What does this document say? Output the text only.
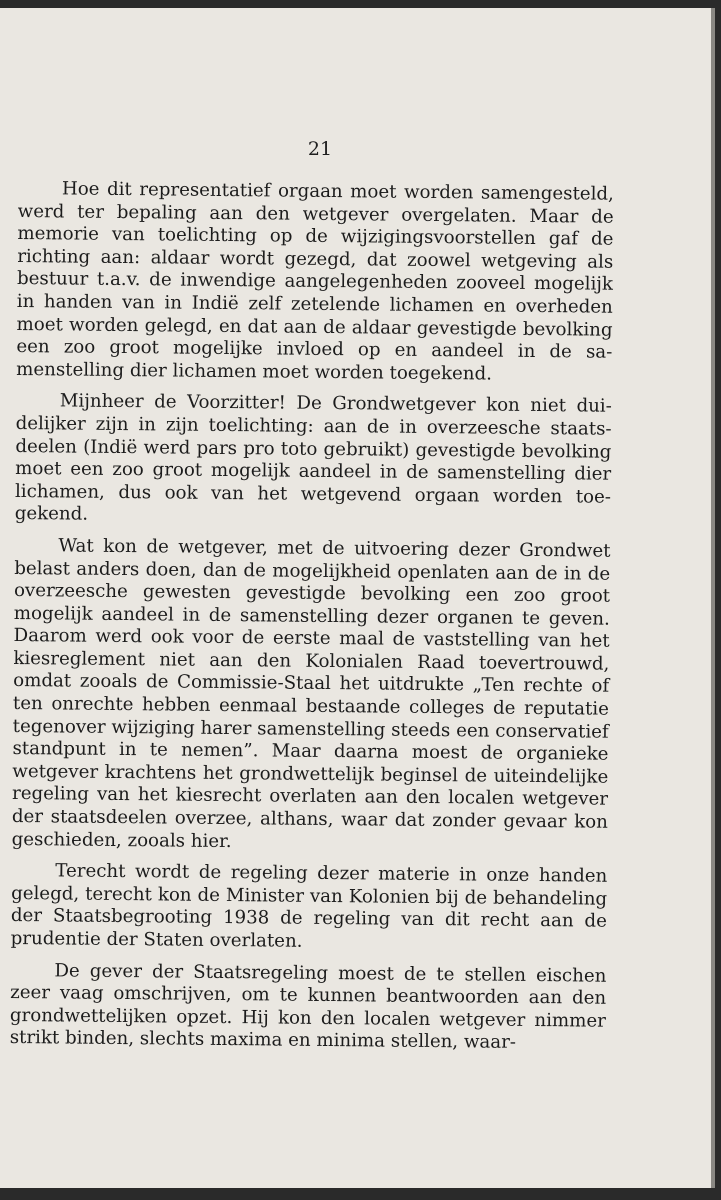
21

Hoe dit representatief orgaan moet worden samengesteld, werd ter bepaling aan den wetgever overgelaten. Maar de memorie van toelichting op de wijzigingsvoorstellen gaf de richting aan: aldaar wordt gezegd, dat zoowel wetgeving als bestuur t.a.v. de inwendige aangelegenheden zooveel mogelijk in handen van in Indië zelf zetelende lichamen en overheden moet worden gelegd, en dat aan de aldaar gevestigde bevolking een zoo groot mogelijke invloed op en aandeel in de samenstelling dier lichamen moet worden toegekend.

Mijnheer de Voorzitter! De Grondwetgever kon niet duidelijker zijn in zijn toelichting: aan de in overzeesche staatsdeelen (Indië werd pars pro toto gebruikt) gevestigde bevolking moet een zoo groot mogelijk aandeel in de samenstelling dier lichamen, dus ook van het wetgevend orgaan worden toegekend.

Wat kon de wetgever, met de uitvoering dezer Grondwet belast anders doen, dan de mogelijkheid openlaten aan de in de overzeesche gewesten gevestigde bevolking een zoo groot mogelijk aandeel in de samenstelling dezer organen te geven. Daarom werd ook voor de eerste maal de vaststelling van het kiesreglement niet aan den Kolonialen Raad toevertrouwd, omdat zooals de Commissie-Staal het uitdrukte „Ten rechte of ten onrechte hebben eenmaal bestaande colleges de reputatie tegenover wijziging harer samenstelling steeds een conservatief standpunt in te nemen”. Maar daarna moest de organieke wetgever krachtens het grondwettelijk beginsel de uiteindelijke regeling van het kiesrecht overlaten aan den localen wetgever der staatsdeelen overzee, althans, waar dat zonder gevaar kon geschieden, zooals hier.

Terecht wordt de regeling dezer materie in onze handen gelegd, terecht kon de Minister van Kolonien bij de behandeling der Staatsbegrooting 1938 de regeling van dit recht aan de prudentie der Staten overlaten.

De gever der Staatsregeling moest de te stellen eischen zeer vaag omschrijven, om te kunnen beantwoorden aan den grondwettelijken opzet. Hij kon den localen wetgever nimmer strikt binden, slechts maxima en minima stellen, waar-
